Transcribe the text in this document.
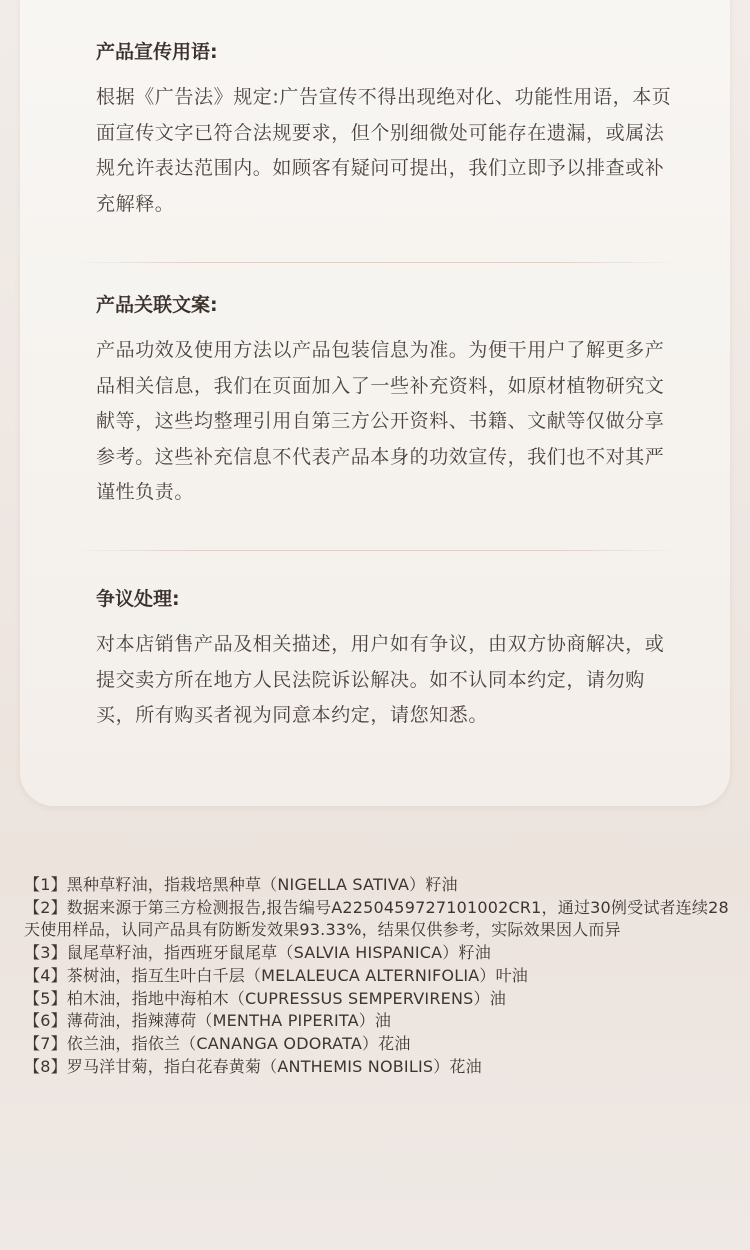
产品宣传用语:
根据《广告法》规定:广告宣传不得出现绝对化、功能性用语，本页面宣传文字已符合法规要求，但个别细微处可能存在遗漏，或属法规允许表达范围内。如顾客有疑问可提出，我们立即予以排查或补充解释。
产品关联文案:
产品功效及使用方法以产品包装信息为准。为便干用户了解更多产品相关信息，我们在页面加入了一些补充资料，如原材植物研究文献等，这些均整理引用自第三方公开资料、书籍、文献等仅做分享参考。这些补充信息不代表产品本身的功效宣传，我们也不对其严谨性负责。
争议处理:
对本店销售产品及相关描述，用户如有争议，由双方协商解决，或提交卖方所在地方人民法院诉讼解决。如不认同本约定，请勿购买，所有购买者视为同意本约定，请您知悉。
【1】黑种草籽油，指栽培黑种草（NIGELLA SATIVA）籽油
【2】数据来源于第三方检测报告,报告编号A2250459727101002CR1，通过30例受试者连续28天使用样品，认同产品具有防断发效果93.33%，结果仅供参考，实际效果因人而异
【3】鼠尾草籽油，指西班牙鼠尾草（SALVIA HISPANICA）籽油
【4】茶树油，指互生叶白千层（MELALEUCA ALTERNIFOLIA）叶油
【5】柏木油，指地中海柏木（CUPRESSUS SEMPERVIRENS）油
【6】薄荷油，指辣薄荷（MENTHA PIPERITA）油
【7】依兰油，指依兰（CANANGA ODORATA）花油
【8】罗马洋甘菊，指白花春黄菊（ANTHEMIS NOBILIS）花油
